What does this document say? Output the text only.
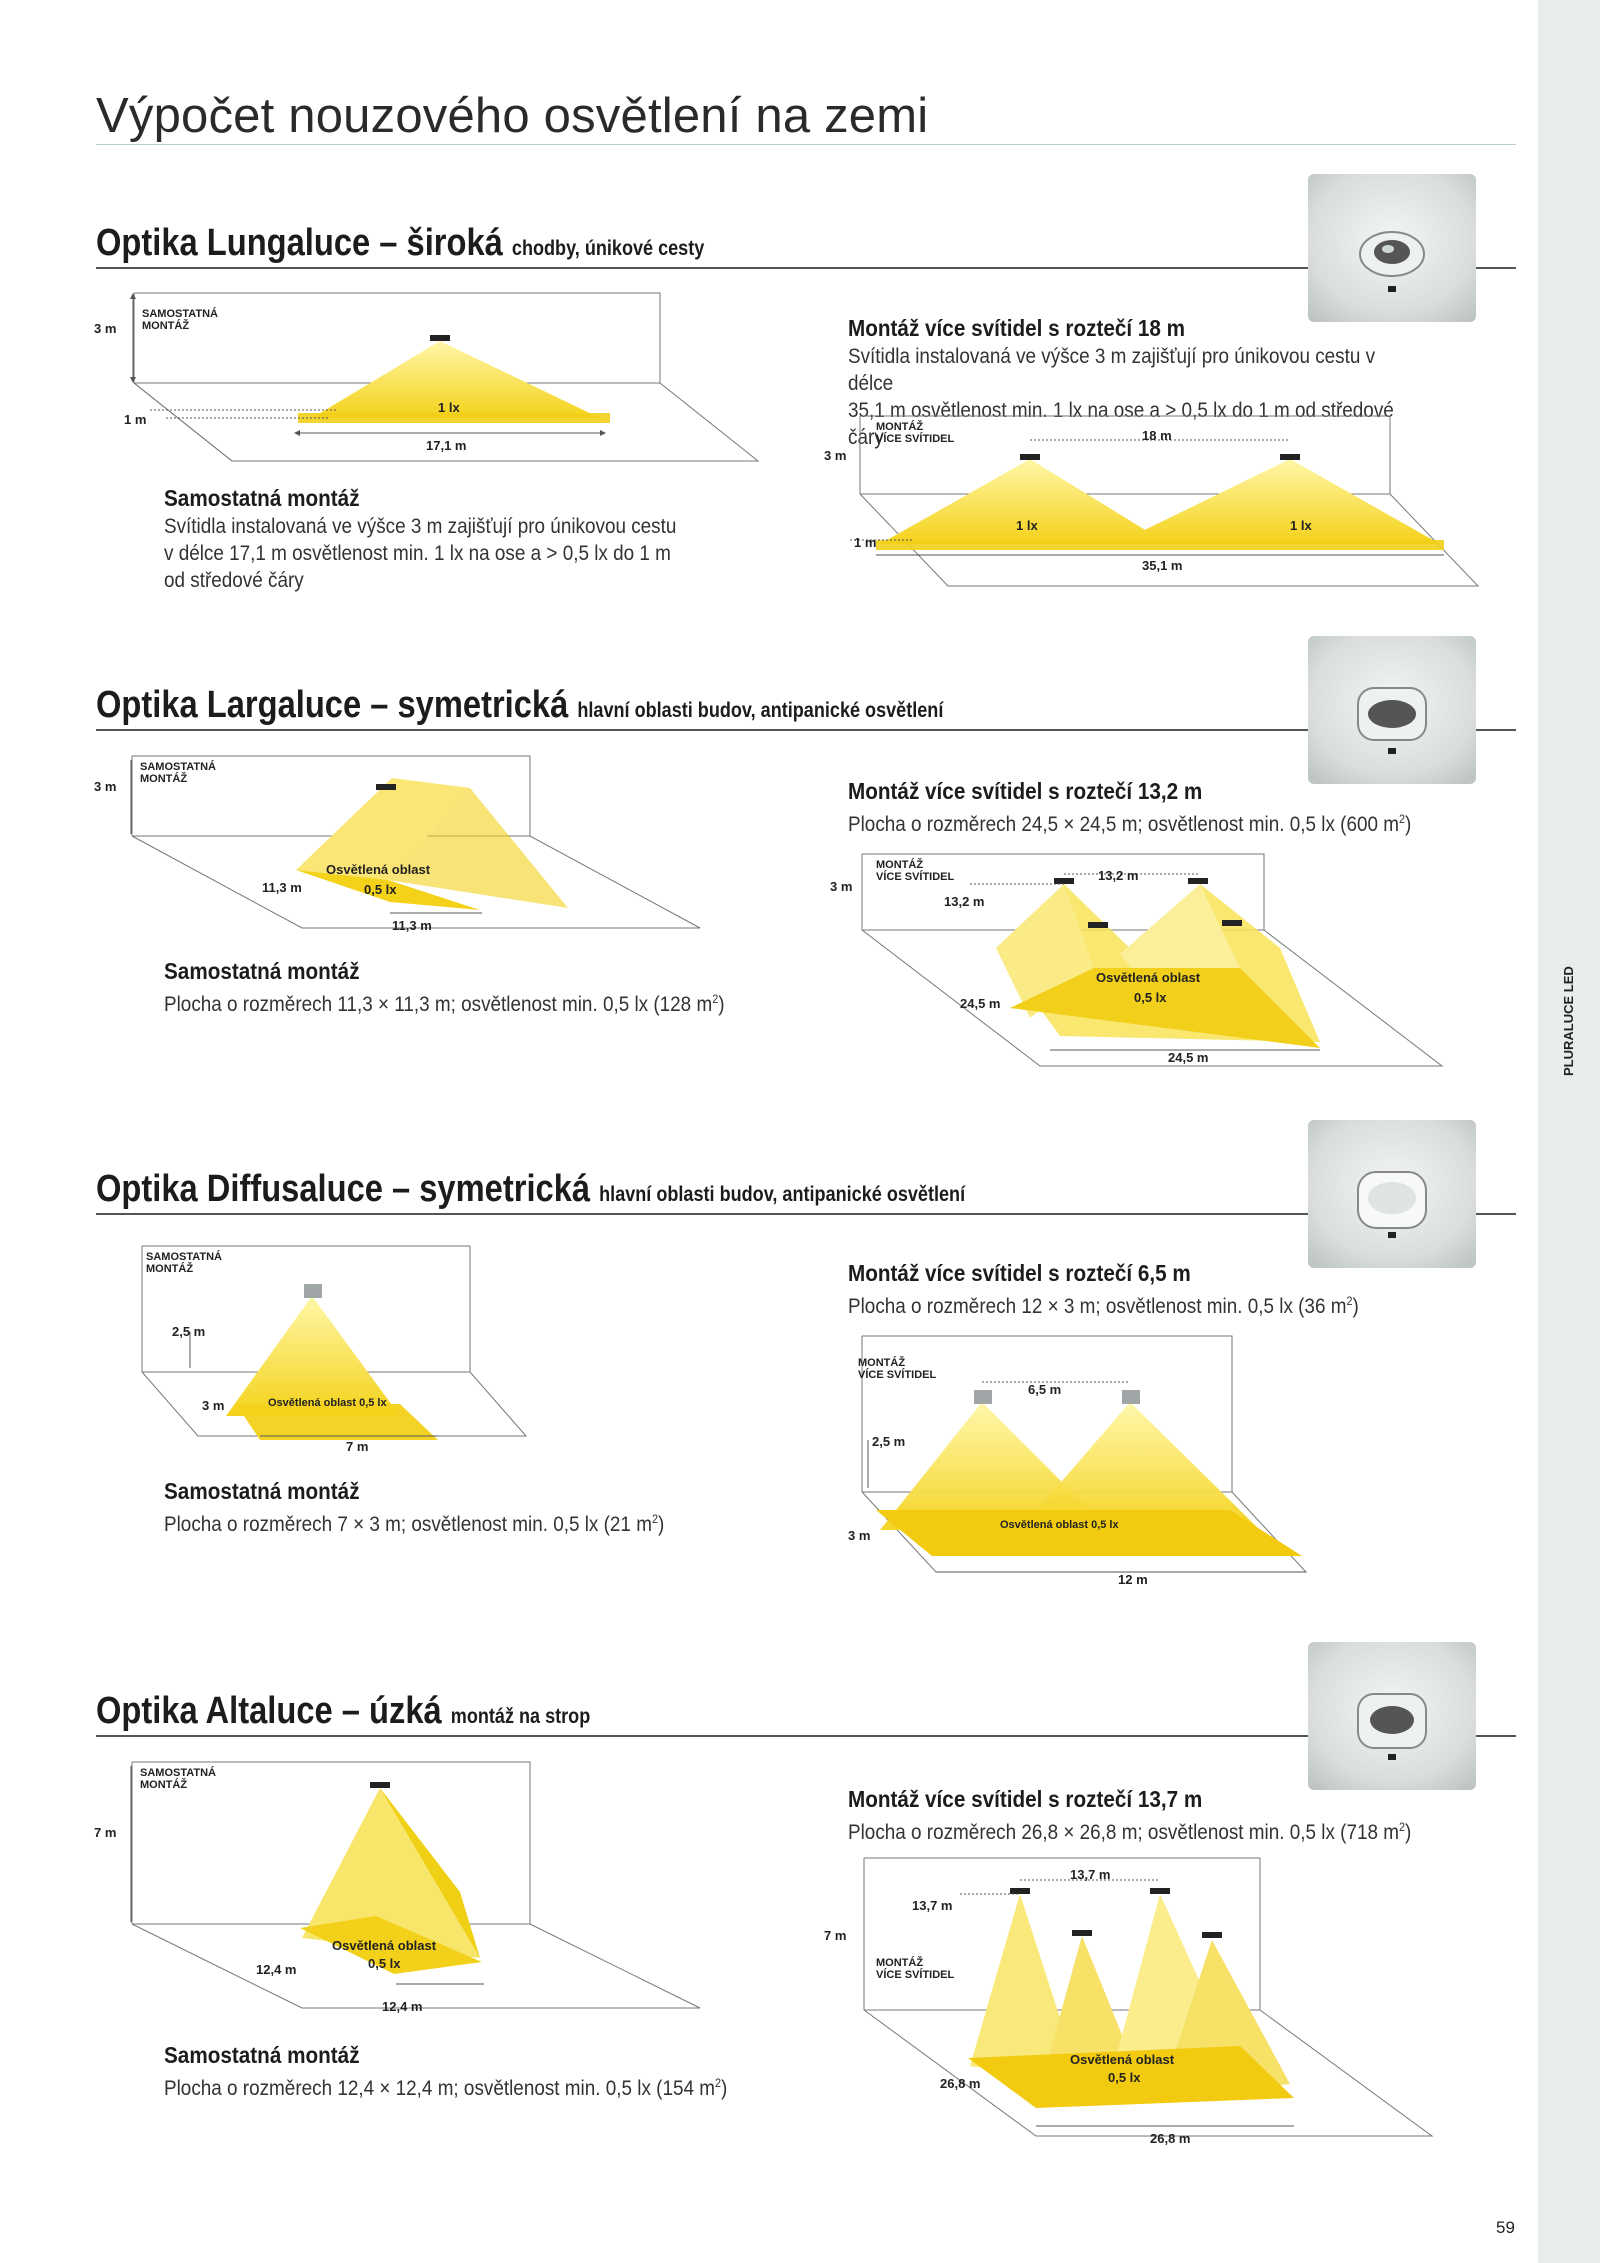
Výpočet nouzového osvětlení na zemi
PLURALUCE LED
Optika Lungaluce – široká chodby, únikové cesty
3 m
SAMOSTATNÁ
MONTÁŽ
1 m
1 lx
17,1 m
Samostatná montáž
Svítidla instalovaná ve výšce 3 m zajišťují pro únikovou cestu
v délce 17,1 m osvětlenost min. 1 lx na ose a > 0,5 lx do 1 m
od středové čáry
Montáž více svítidel s roztečí 18 m
Svítidla instalovaná ve výšce 3 m zajišťují pro únikovou cestu v délce
35,1 m osvětlenost min. 1 lx na ose a > 0,5 lx do 1 m od středové čáry
MONTÁŽ
VÍCE SVÍTIDEL
3 m
18 m
1 lx	1 lx
1 m
35,1 m
Optika Largaluce – symetrická hlavní oblasti budov, antipanické osvětlení
3 m
SAMOSTATNÁ
MONTÁŽ
Osvětlená oblast
0,5 lx
11,3 m
11,3 m
Samostatná montáž
Plocha o rozměrech 11,3 × 11,3 m; osvětlenost min. 0,5 lx (128 $m^2$)
Montáž více svítidel s roztečí 13,2 m
Plocha o rozměrech 24,5 × 24,5 m; osvětlenost min. 0,5 lx (600 $m^2$)
MONTÁŽ
VÍCE SVÍTIDEL
3 m
13,2 m
13,2 m
Osvětlená oblast
0,5 lx
24,5 m
24,5 m
Optika Diffusaluce – symetrická hlavní oblasti budov, antipanické osvětlení
SAMOSTATNÁ
MONTÁŽ
2,5 m
3 m	Osvětlená oblast 0,5 lx
7 m
Samostatná montáž
Plocha o rozměrech 7 × 3 m; osvětlenost min. 0,5 lx (21 $m^2$)
Montáž více svítidel s roztečí 6,5 m
Plocha o rozměrech 12 × 3 m; osvětlenost min. 0,5 lx (36 $m^2$)
MONTÁŽ
VÍCE SVÍTIDEL
6,5 m
2,5 m
Osvětlená oblast 0,5 lx
3 m
12 m
Optika Altaluce – úzká montáž na strop
SAMOSTATNÁ
MONTÁŽ
7 m
Osvětlená oblast
0,5 lx
12,4 m
12,4 m
Samostatná montáž
Plocha o rozměrech 12,4 × 12,4 m; osvětlenost min. 0,5 lx (154 $m^2$)
Montáž více svítidel s roztečí 13,7 m
Plocha o rozměrech 26,8 × 26,8 m; osvětlenost min. 0,5 lx (718 $m^2$)
13,7 m
13,7 m
7 m
MONTÁŽ
VÍCE SVÍTIDEL
Osvětlená oblast
0,5 lx
26,8 m
26,8 m
59
